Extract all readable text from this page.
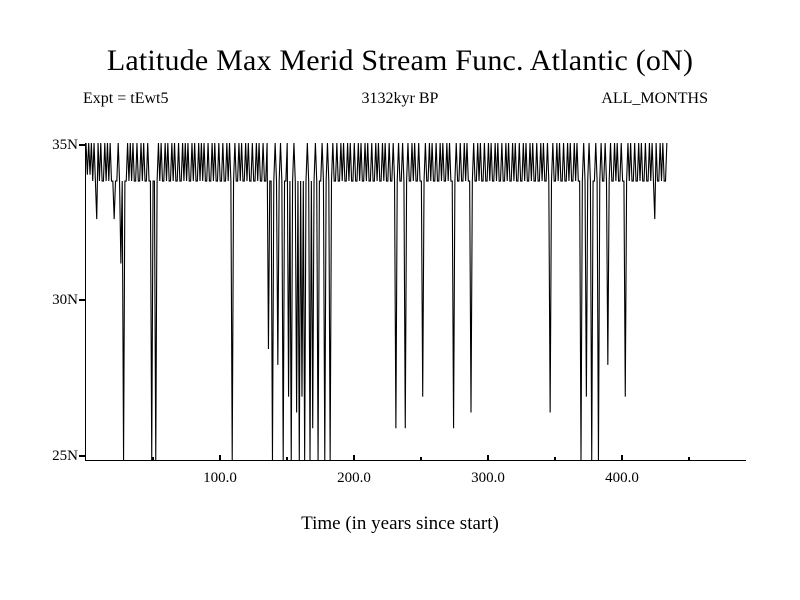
Latitude Max Merid Stream Func. Atlantic (oN)
Expt = tEwt5	3132kyr BP	ALL_MONTHS
35N
30N
25N
100.0	200.0	300.0	400.0
Time (in years since start)
